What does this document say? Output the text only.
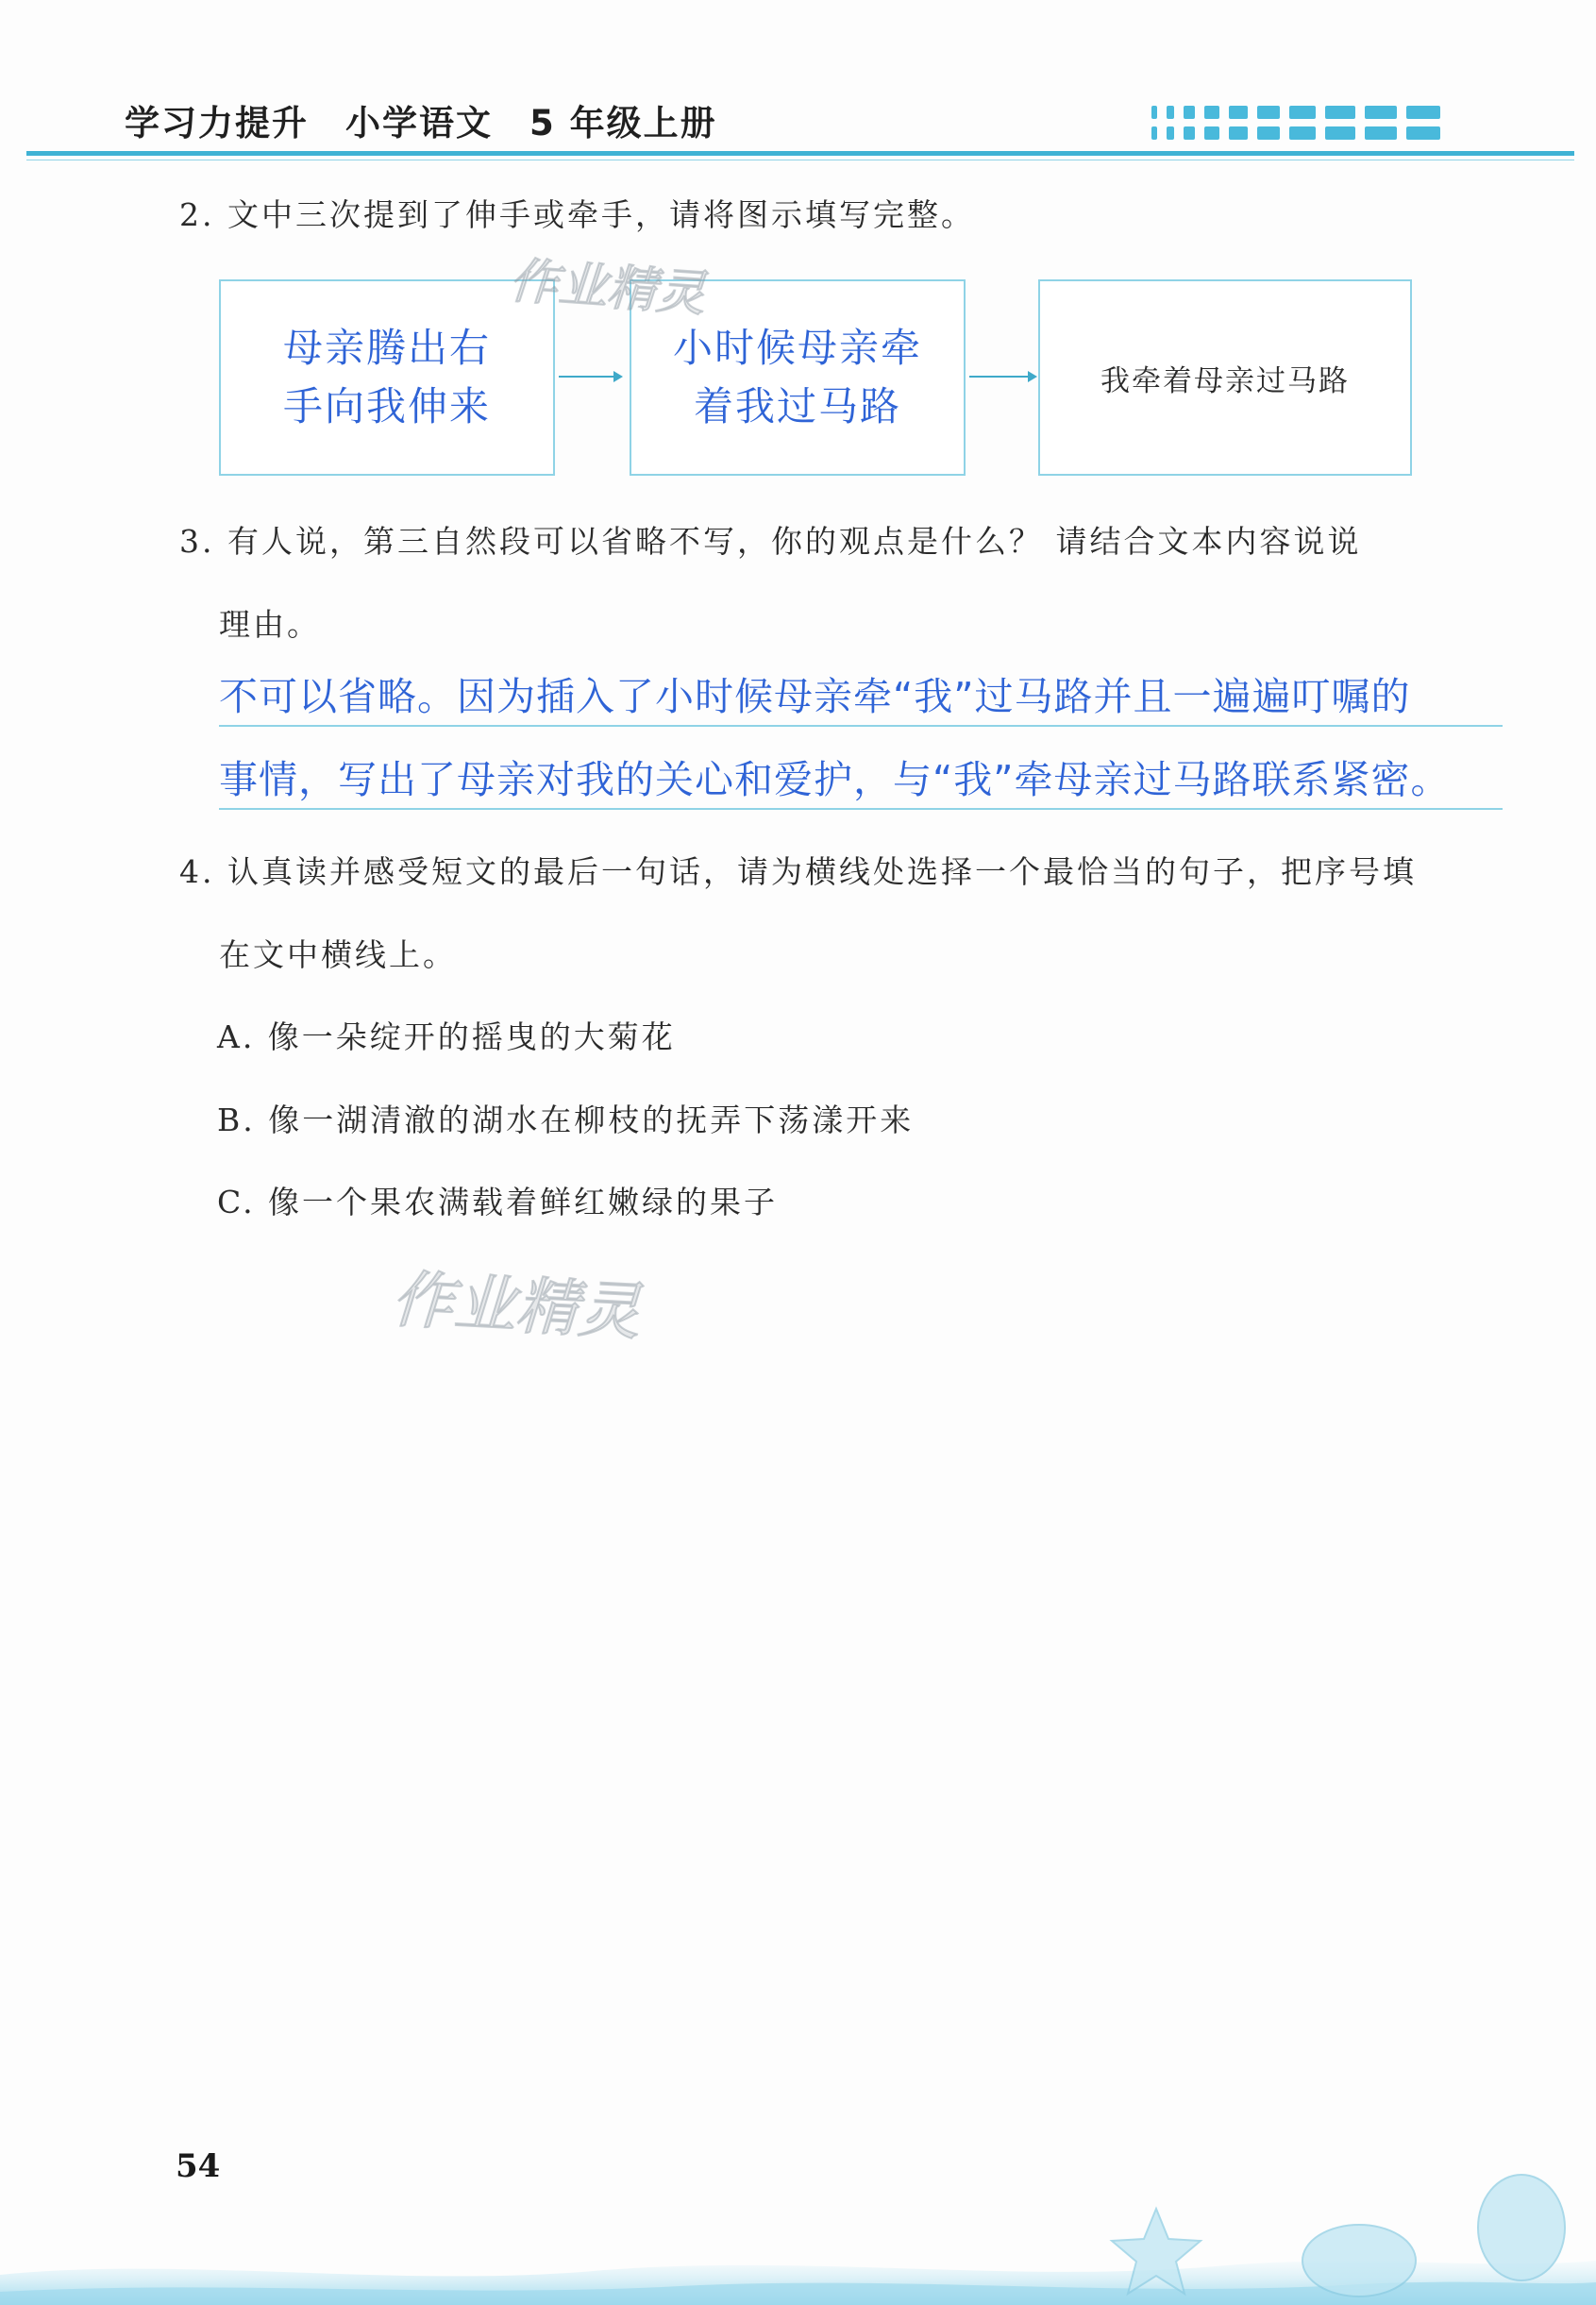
学习力提升　小学语文　5 年级上册
2. 文中三次提到了伸手或牵手，请将图示填写完整。
母亲腾出右
手向我伸来
小时候母亲牵
着我过马路
我牵着母亲过马路
3. 有人说，第三自然段可以省略不写，你的观点是什么？ 请结合文本内容说说
理由。
不可以省略。因为插入了小时候母亲牵“我”过马路并且一遍遍叮嘱的
事情，写出了母亲对我的关心和爱护，与“我”牵母亲过马路联系紧密。
4. 认真读并感受短文的最后一句话，请为横线处选择一个最恰当的句子，把序号填
在文中横线上。
A. 像一朵绽开的摇曳的大菊花
B. 像一湖清澈的湖水在柳枝的抚弄下荡漾开来
C. 像一个果农满载着鲜红嫩绿的果子
作业精灵
作业精灵
54
